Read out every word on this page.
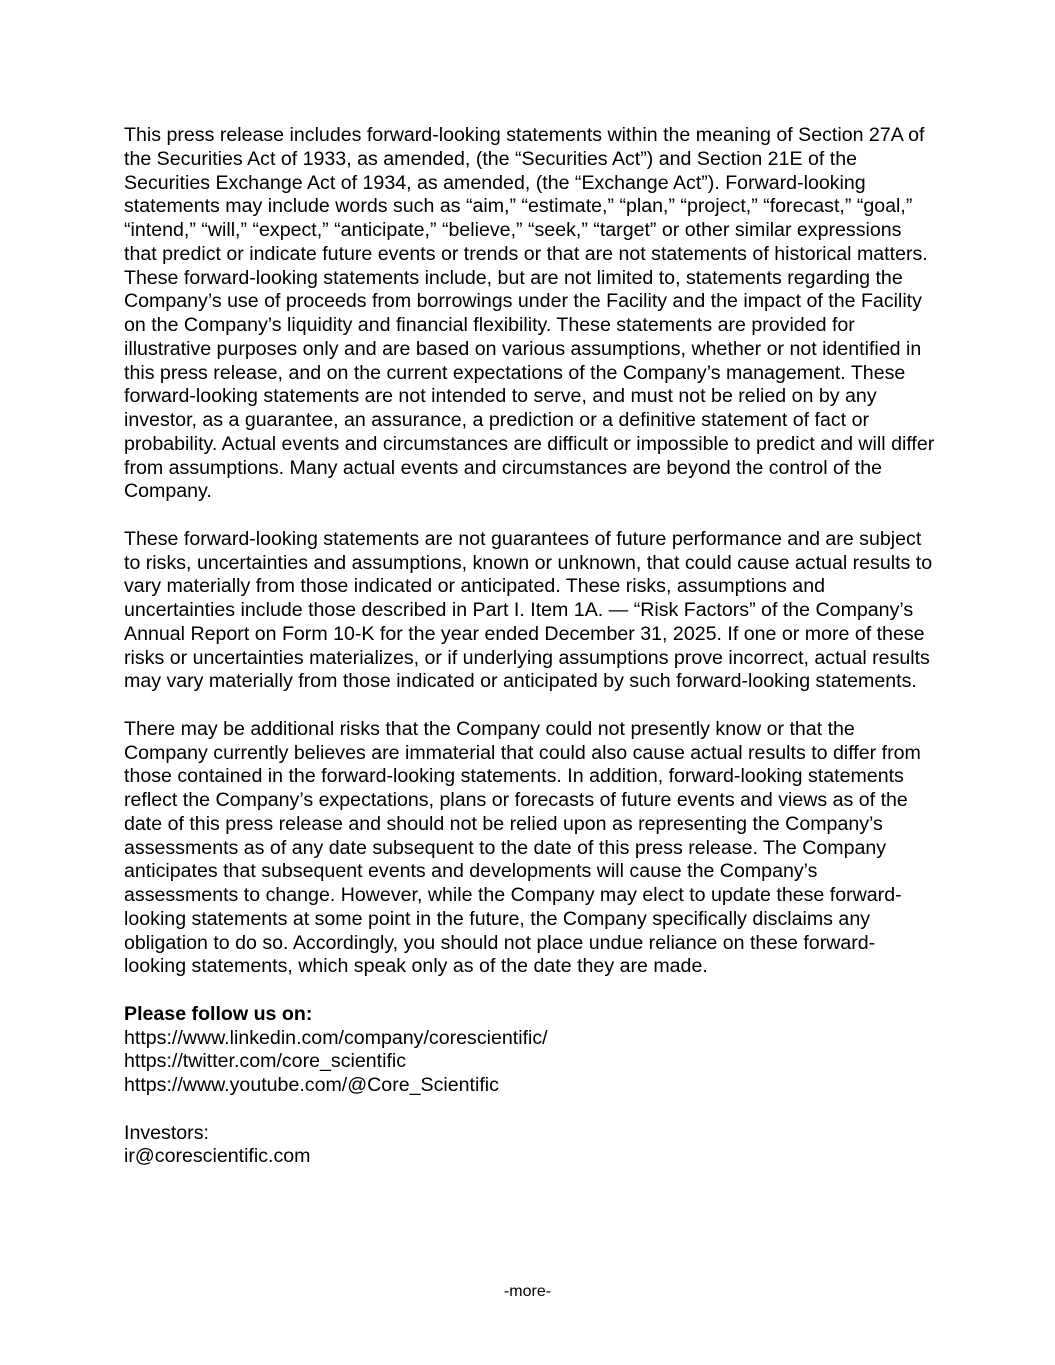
This press release includes forward-looking statements within the meaning of Section 27A of the Securities Act of 1933, as amended, (the “Securities Act”) and Section 21E of the Securities Exchange Act of 1934, as amended, (the “Exchange Act”). Forward-looking statements may include words such as “aim,” “estimate,” “plan,” “project,” “forecast,” “goal,” “intend,” “will,” “expect,” “anticipate,” “believe,” “seek,” “target” or other similar expressions that predict or indicate future events or trends or that are not statements of historical matters. These forward-looking statements include, but are not limited to, statements regarding the Company’s use of proceeds from borrowings under the Facility and the impact of the Facility on the Company’s liquidity and financial flexibility. These statements are provided for illustrative purposes only and are based on various assumptions, whether or not identified in this press release, and on the current expectations of the Company’s management. These forward-looking statements are not intended to serve, and must not be relied on by any investor, as a guarantee, an assurance, a prediction or a definitive statement of fact or probability. Actual events and circumstances are difficult or impossible to predict and will differ from assumptions. Many actual events and circumstances are beyond the control of the Company.

These forward-looking statements are not guarantees of future performance and are subject to risks, uncertainties and assumptions, known or unknown, that could cause actual results to vary materially from those indicated or anticipated. These risks, assumptions and uncertainties include those described in Part I. Item 1A. — “Risk Factors” of the Company’s Annual Report on Form 10-K for the year ended December 31, 2025. If one or more of these risks or uncertainties materializes, or if underlying assumptions prove incorrect, actual results may vary materially from those indicated or anticipated by such forward-looking statements.

There may be additional risks that the Company could not presently know or that the Company currently believes are immaterial that could also cause actual results to differ from those contained in the forward-looking statements. In addition, forward-looking statements reflect the Company’s expectations, plans or forecasts of future events and views as of the date of this press release and should not be relied upon as representing the Company’s assessments as of any date subsequent to the date of this press release. The Company anticipates that subsequent events and developments will cause the Company’s assessments to change. However, while the Company may elect to update these forward-looking statements at some point in the future, the Company specifically disclaims any obligation to do so. Accordingly, you should not place undue reliance on these forward-looking statements, which speak only as of the date they are made.

Please follow us on:

https://www.linkedin.com/company/corescientific/

https://twitter.com/core_scientific

https://www.youtube.com/@Core_Scientific

Investors:

ir@corescientific.com

-more-
